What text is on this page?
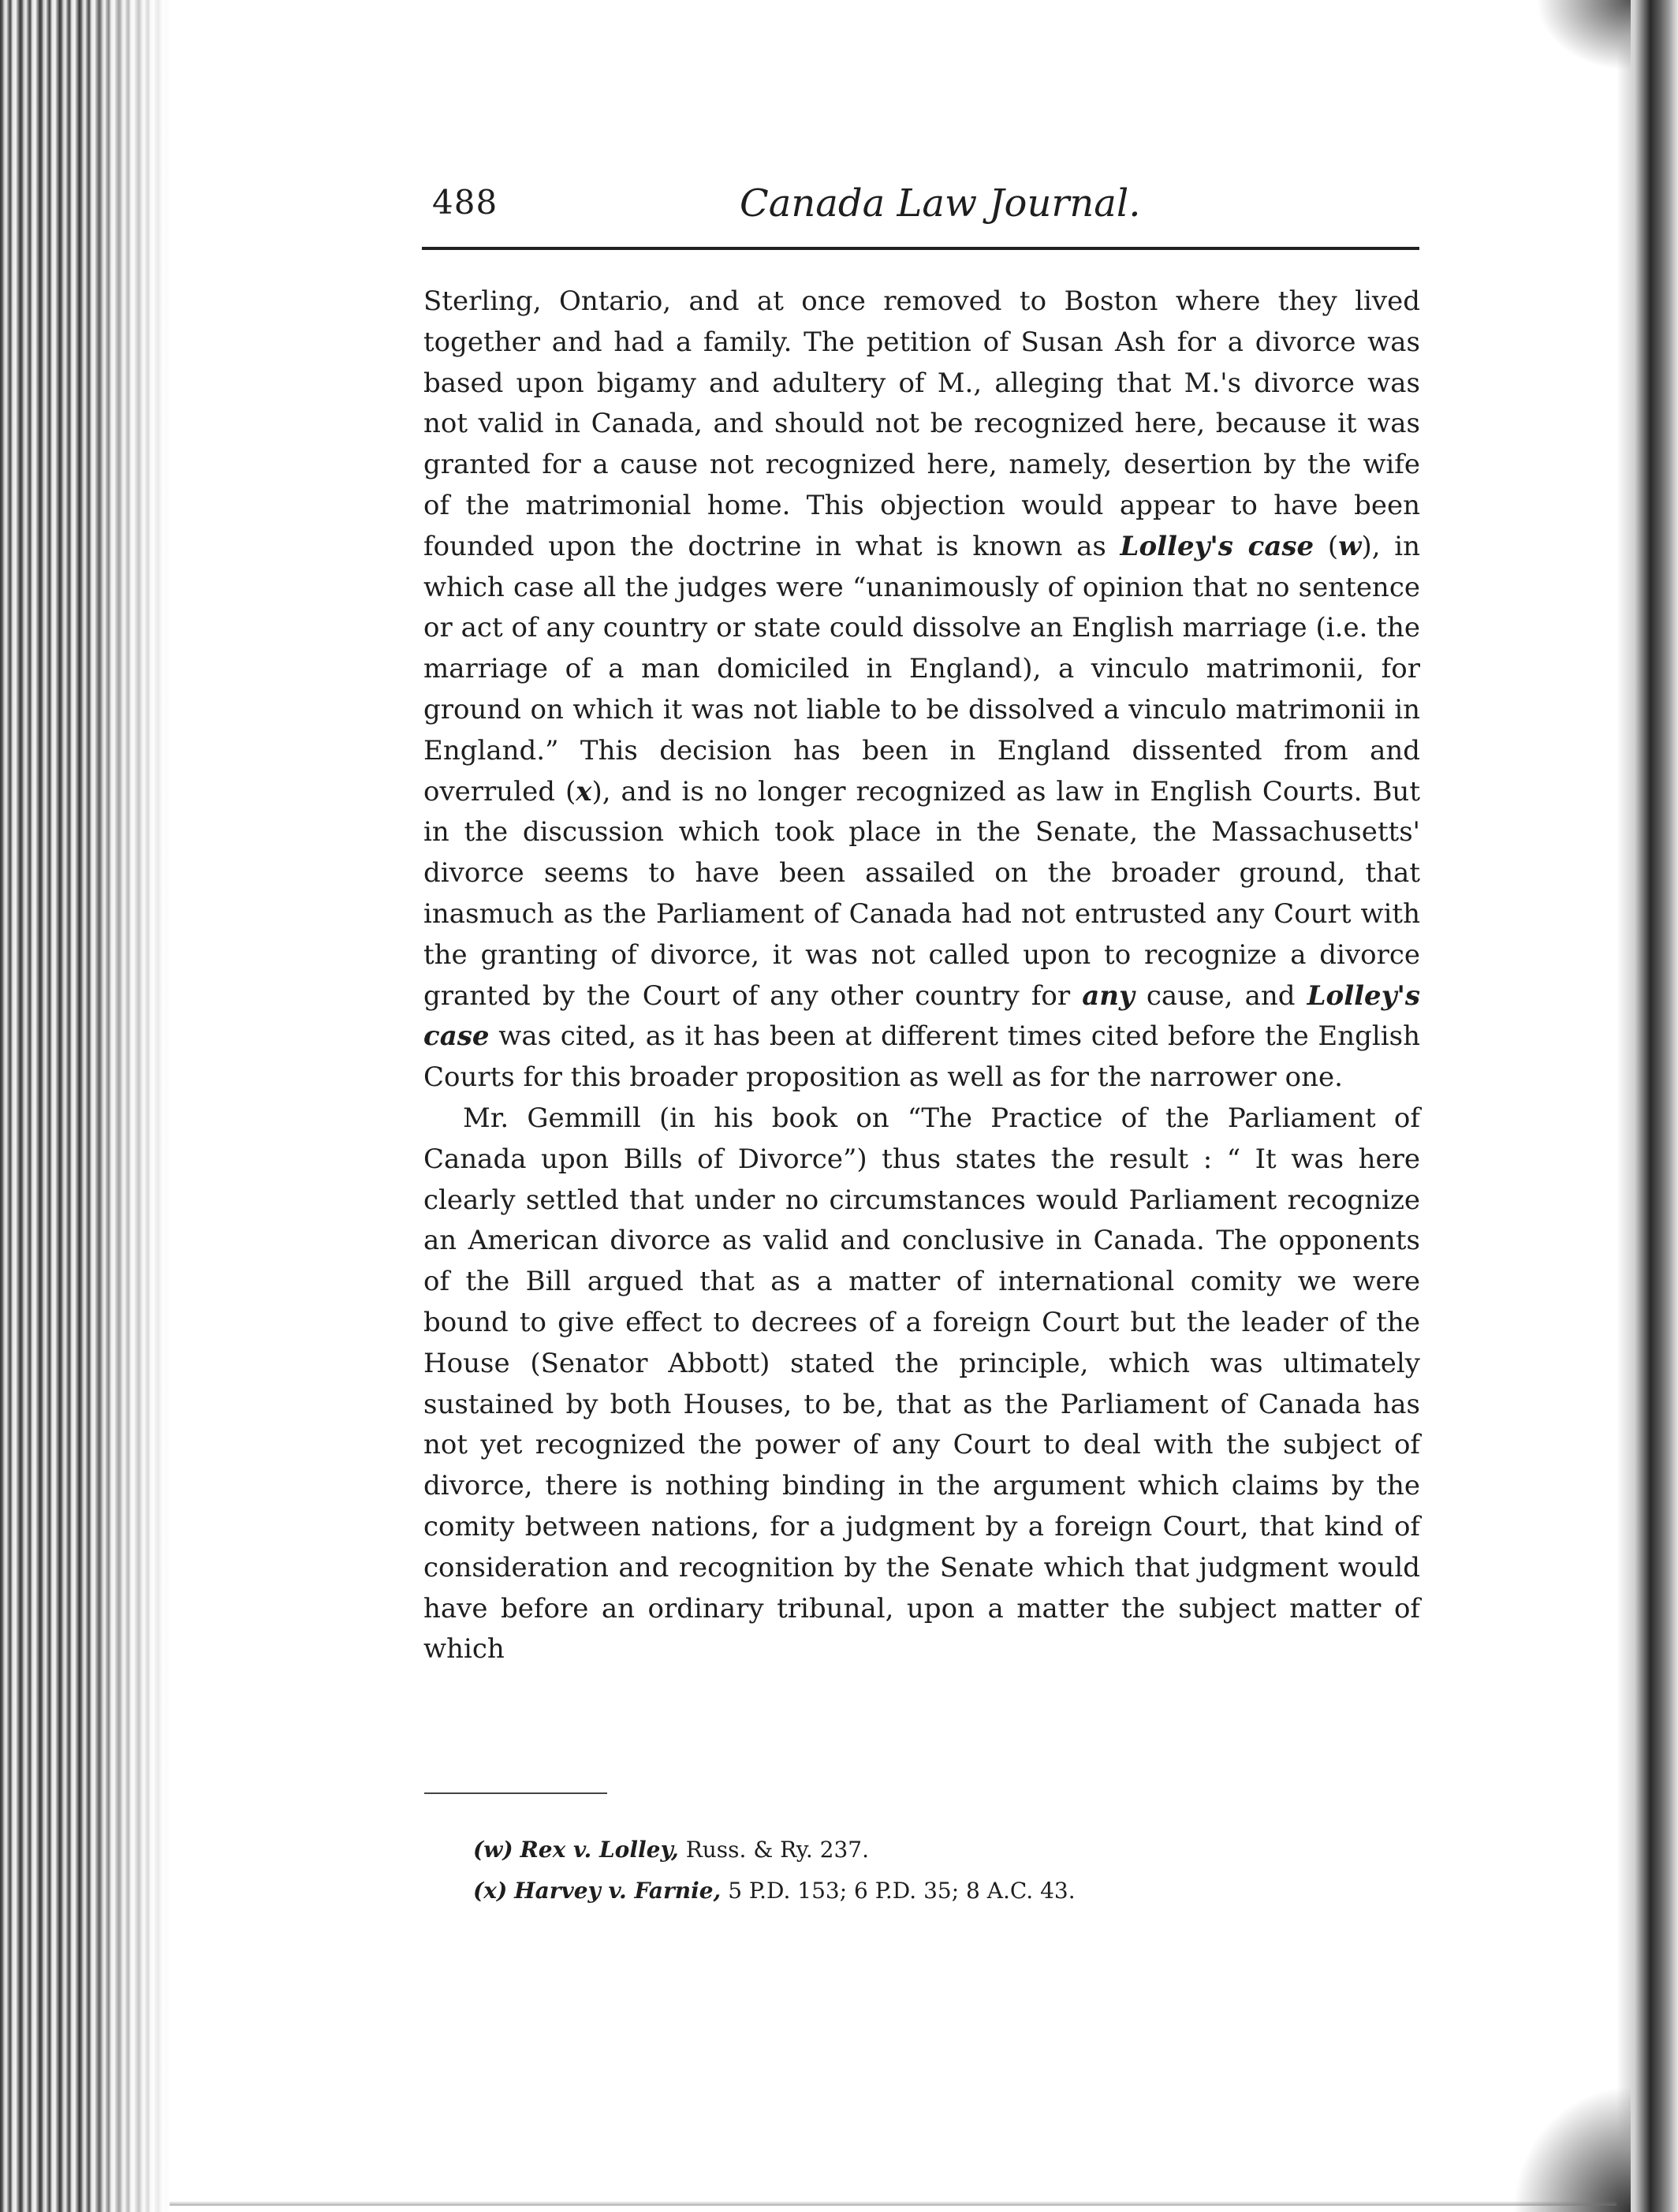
488	Canada Law Journal.

Sterling, Ontario, and at once removed to Boston where they lived together and had a family. The petition of Susan Ash for a divorce was based upon bigamy and adultery of M., alleging that M.'s divorce was not valid in Canada, and should not be recognized here, because it was granted for a cause not recognized here, namely, desertion by the wife of the matrimonial home. This objection would appear to have been founded upon the doctrine in what is known as Lolley's case (w), in which case all the judges were “unanimously of opinion that no sentence or act of any country or state could dissolve an English marriage (i.e. the marriage of a man domiciled in England), a vinculo matrimonii, for ground on which it was not liable to be dissolved a vinculo matrimonii in England.” This decision has been in England dissented from and overruled (x), and is no longer recognized as law in English Courts. But in the discussion which took place in the Senate, the Massachusetts' divorce seems to have been assailed on the broader ground, that inasmuch as the Parliament of Canada had not entrusted any Court with the granting of divorce, it was not called upon to recognize a divorce granted by the Court of any other country for any cause, and Lolley's case was cited, as it has been at different times cited before the English Courts for this broader proposition as well as for the narrower one.

Mr. Gemmill (in his book on “The Practice of the Parliament of Canada upon Bills of Divorce”) thus states the result : “ It was here clearly settled that under no circumstances would Parliament recognize an American divorce as valid and conclusive in Canada. The opponents of the Bill argued that as a matter of international comity we were bound to give effect to decrees of a foreign Court but the leader of the House (Senator Abbott) stated the principle, which was ultimately sustained by both Houses, to be, that as the Parliament of Canada has not yet recognized the power of any Court to deal with the subject of divorce, there is nothing binding in the argument which claims by the comity between nations, for a judgment by a foreign Court, that kind of consideration and recognition by the Senate which that judgment would have before an ordinary tribunal, upon a matter the subject matter of which

(w) Rex v. Lolley, Russ. & Ry. 237.
(x) Harvey v. Farnie, 5 P.D. 153; 6 P.D. 35; 8 A.C. 43.
